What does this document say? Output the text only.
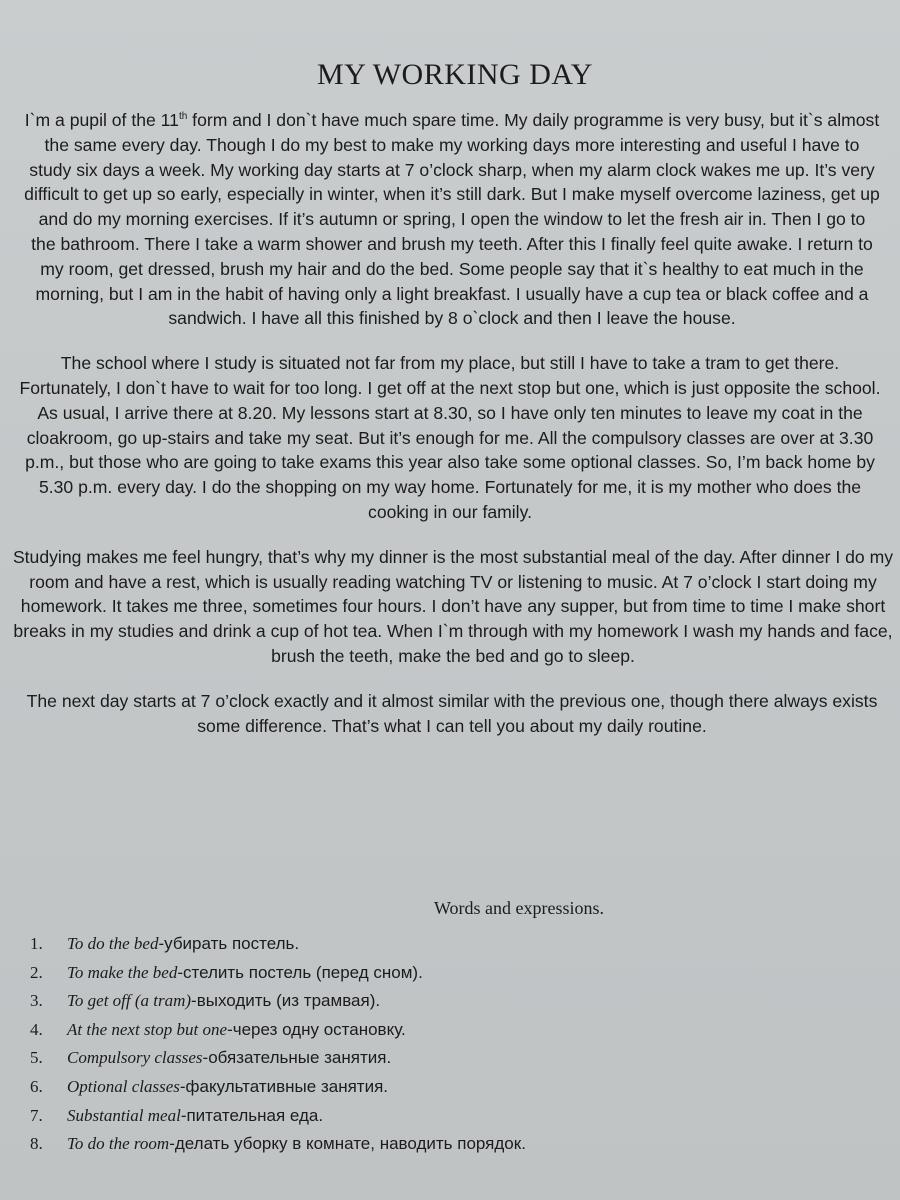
MY WORKING DAY

I`m a pupil of the 11th form and I don`t have much spare time. My daily programme is very busy, but it`s almost the same every day. Though I do my best to make my working days more interesting and useful I have to study six days a week. My working day starts at 7 o’clock sharp, when my alarm clock wakes me up. It’s very difficult to get up so early, especially in winter, when it’s still dark. But I make myself overcome laziness, get up and do my morning exercises. If it’s autumn or spring, I open the window to let the fresh air in. Then I go to the bathroom. There I take a warm shower and brush my teeth. After this I finally feel quite awake. I return to my room, get dressed, brush my hair and do the bed. Some people say that it`s healthy to eat much in the morning, but I am in the habit of having only a light breakfast. I usually have a cup tea or black coffee and a sandwich. I have all this finished by 8 o`clock and then I leave the house.

The school where I study is situated not far from my place, but still I have to take a tram to get there. Fortunately, I don`t have to wait for too long. I get off at the next stop but one, which is just opposite the school. As usual, I arrive there at 8.20. My lessons start at 8.30, so I have only ten minutes to leave my coat in the cloakroom, go up-stairs and take my seat. But it’s enough for me. All the compulsory classes are over at 3.30 p.m., but those who are going to take exams this year also take some optional classes. So, I’m back home by 5.30 p.m. every day. I do the shopping on my way home. Fortunately for me, it is my mother who does the cooking in our family.

Studying makes me feel hungry, that’s why my dinner is the most substantial meal of the day. After dinner I do my room and have a rest, which is usually reading watching TV or listening to music. At 7 o’clock I start doing my homework. It takes me three, sometimes four hours. I don’t have any supper, but from time to time I make short breaks in my studies and drink a cup of hot tea. When I`m through with my homework I wash my hands and face, brush the teeth, make the bed and go to sleep.

The next day starts at 7 o’clock exactly and it almost similar with the previous one, though there always exists some difference. That’s what I can tell you about my daily routine.

Words and expressions.
1. To do the bed-убирать постель.
2. To make the bed-стелить постель (перед сном).
3. To get off (a tram)-выходить (из трамвая).
4. At the next stop but one-через одну остановку.
5. Compulsory classes-обязательные занятия.
6. Optional classes-факультативные занятия.
7. Substantial meal-питательная еда.
8. To do the room-делать уборку в комнате, наводить порядок.
